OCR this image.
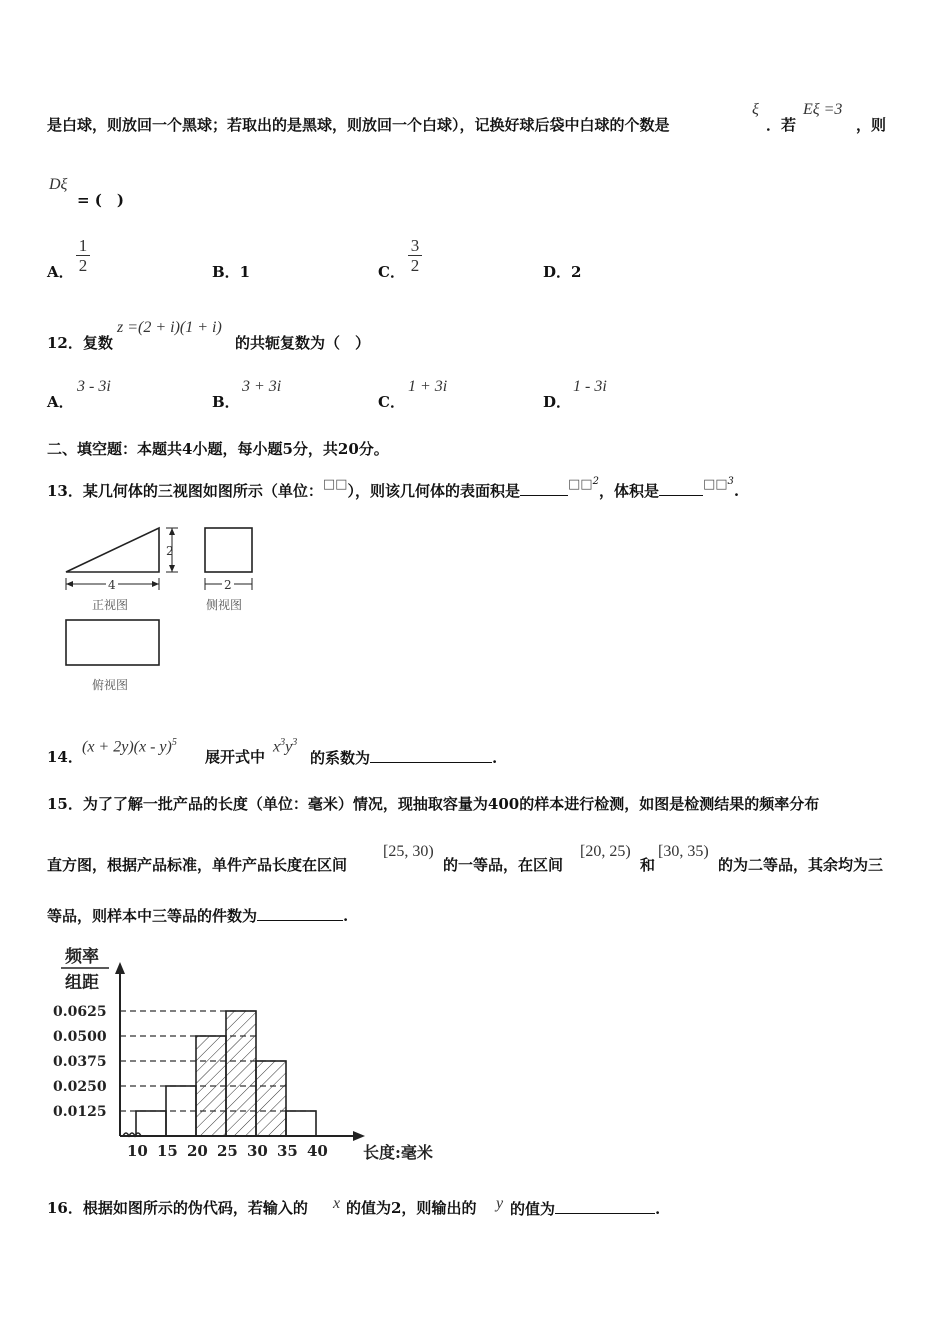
是白球，则放回一个黑球；若取出的是黑球，则放回一个白球），记换好球后袋中白球的个数是
ξ
．若
Eξ =3
，则
Dξ
= (　)
A． $\frac{1}{2}$	B．1	C． $\frac{3}{2}$	D．2
12．复数
z =(2 + i)(1 + i)
的共轭复数为（　）
A．
3 - 3i
B．
3 + 3i
C．
1 + 3i
D．
1 - 3i
二、填空题：本题共4小题，每小题5分，共20分。
13．某几何体的三视图如图所示（单位：□□），则该几何体的表面积是	□□$^2$，体积是	□□$^3$.
2
4
正视图
2
侧视图
俯视图
14．
(x + 2y)(x - y)$^5$
展开式中
$x^3y^3$
的系数为	.
15．为了了解一批产品的长度（单位：毫米）情况，现抽取容量为400的样本进行检测，如图是检测结果的频率分布
直方图，根据产品标准，单件产品长度在区间
[25, 30)
的一等品，在区间
[20, 25)
和
[30, 35)
的为二等品，其余均为三
等品，则样本中三等品的件数为	.
频率
组距
0.0625
0.0500
0.0375
0.0250
0.0125
10 15 20 25 30 35 40 长度:毫米
16．根据如图所示的伪代码，若输入的 x 的值为2，则输出的 y 的值为	.
